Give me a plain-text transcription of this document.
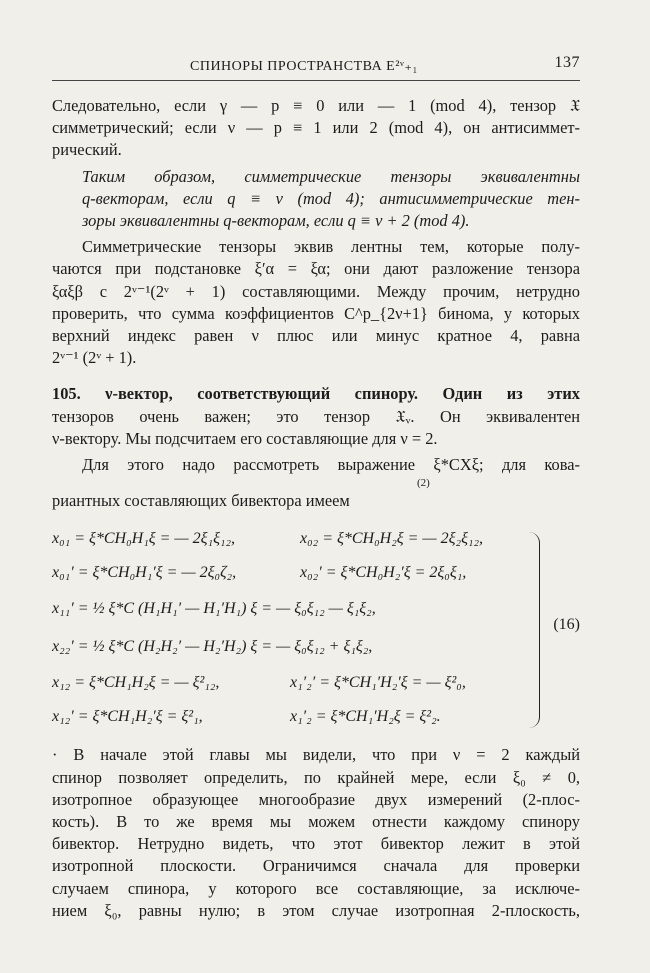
СПИНОРЫ ПРОСТРАНСТВА E²ᵛ₊₁	137

Следовательно, если γ — p ≡ 0 или — 1 (mod 4), тензор 𝔛
симметрический; если ν — p ≡ 1 или 2 (mod 4), он антисиммет-
рический.

Таким образом, симметрические тензоры эквивалентны
q-векторам, если q ≡ ν (mod 4); антисимметрические тен-
зоры эквивалентны q-векторам, если q ≡ ν + 2 (mod 4).

Симметрические тензоры эквив лентны тем, которые полу-
чаются при подстановке ξ′α = ξα; они дают разложение тензора
ξαξβ с 2ᵛ⁻¹(2ᵛ + 1) составляющими. Между прочим, нетрудно
проверить, что сумма коэффициентов C^p_{2ν+1} бинома, у которых
верхний индекс равен ν плюс или минус кратное 4, равна
2ᵛ⁻¹ (2ᵛ + 1).

105. ν-вектор, соответствующий спинору. Один из этих
тензоров очень важен; это тензор 𝔛ᵥ. Он эквивалентен
ν-вектору. Мы подсчитаем его составляющие для ν = 2.

Для этого надо рассмотреть выражение ξ*CXξ; для кова-
(2)
риантных составляющих бивектора имеем

x₀₁ = ξ*CH₀H₁ξ = — 2ξ₁ξ₁₂,	x₀₂ = ξ*CH₀H₂ξ = — 2ξ₂ξ₁₂,
x₀₁′ = ξ*CH₀H₁′ξ = — 2ξ₀ζ₂,	x₀₂′ = ξ*CH₀H₂′ξ = 2ξ₀ξ₁,
x₁₁′ = ½ ξ*C (H₁H₁′ — H₁′H₁) ξ = — ξ₀ξ₁₂ — ξ₁ξ₂,
x₂₂′ = ½ ξ*C (H₂H₂′ — H₂′H₂) ξ = — ξ₀ξ₁₂ + ξ₁ξ₂,
x₁₂ = ξ*CH₁H₂ξ = — ξ²₁₂,	x₁′₂′ = ξ*CH₁′H₂′ξ = — ξ²₀,
x₁₂′ = ξ*CH₁H₂′ξ = ξ²₁,	x₁′₂ = ξ*CH₁′H₂ξ = ξ²₂.
(16)

· В начале этой главы мы видели, что при ν = 2 каждый
спинор позволяет определить, по крайней мере, если ξ₀ ≠ 0,
изотропное образующее многообразие двух измерений (2-плос-
кость). В то же время мы можем отнести каждому спинору
бивектор. Нетрудно видеть, что этот бивектор лежит в этой
изотропной плоскости. Ограничимся сначала для проверки
случаем спинора, у которого все составляющие, за исключе-
нием ξ₀, равны нулю; в этом случае изотропная 2-плоскость,
